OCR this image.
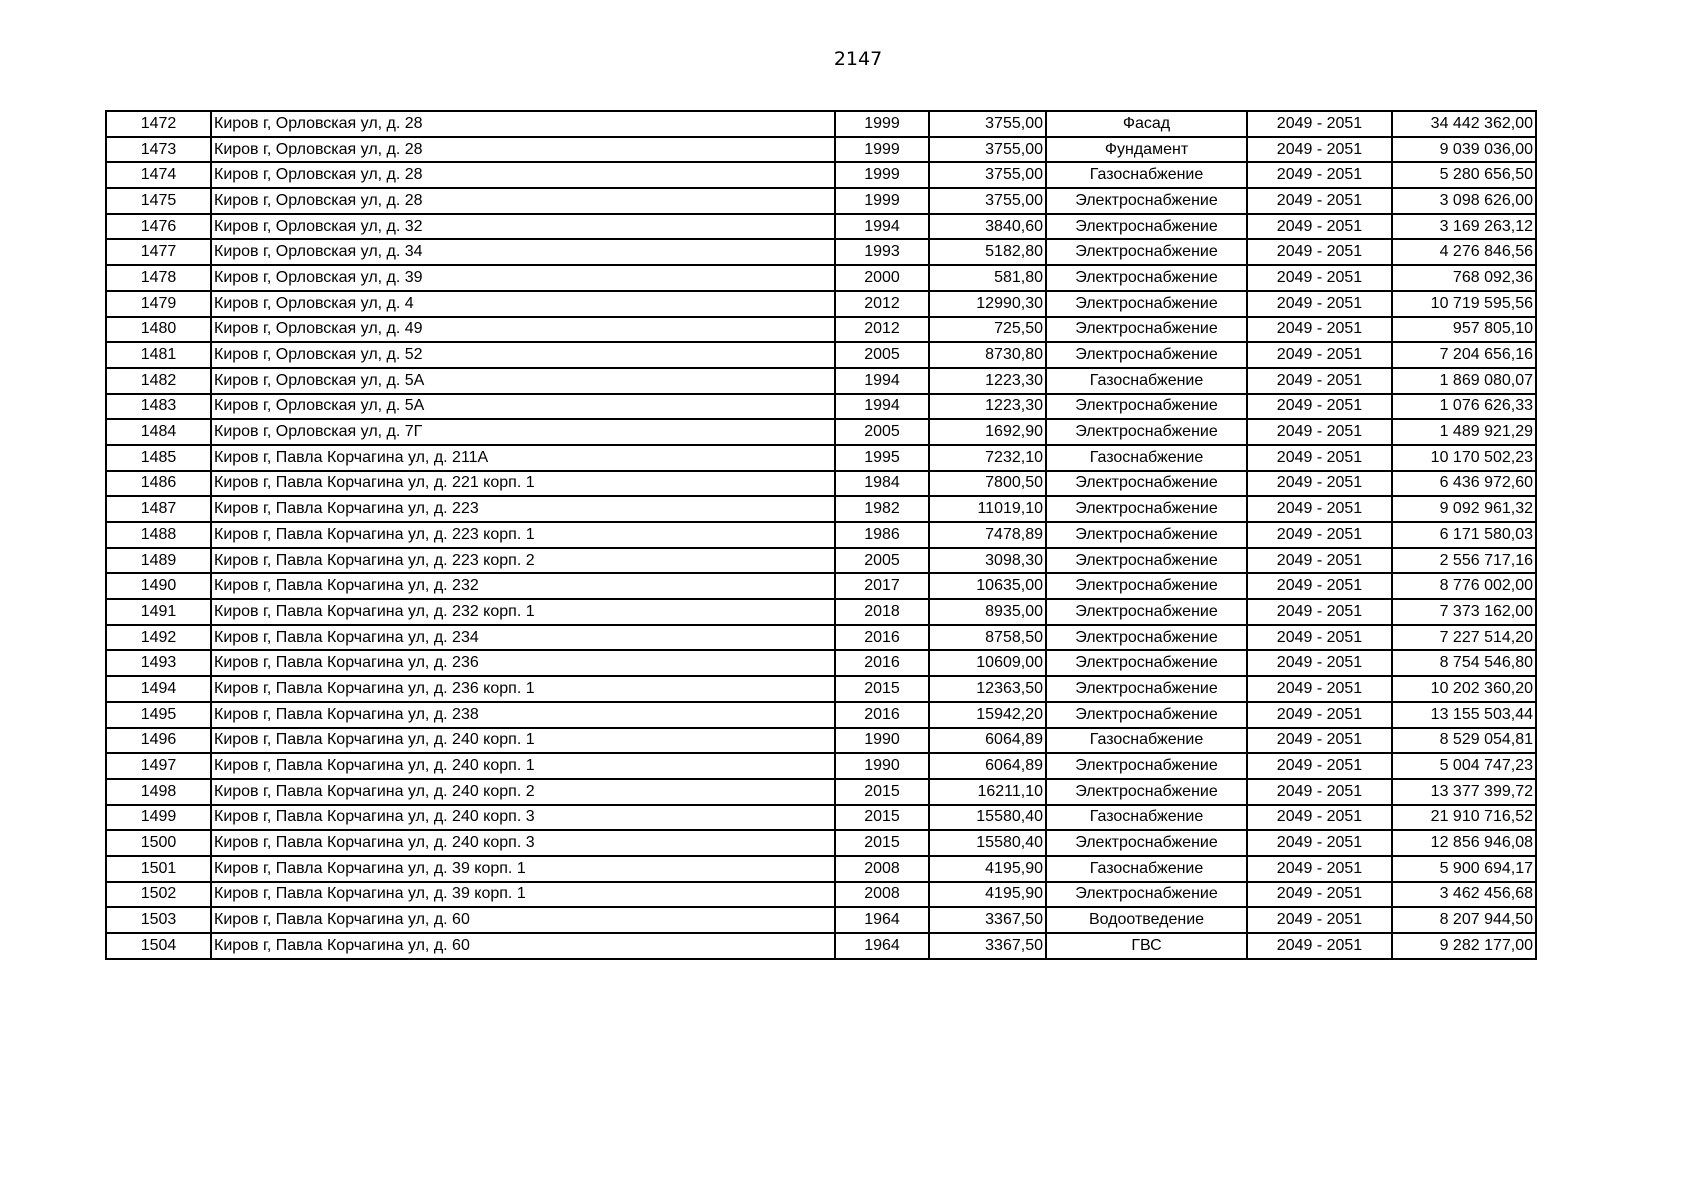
2147
1472	Киров г, Орловская ул, д. 28	1999	3755,00	Фасад	2049 - 2051	34 442 362,00
1473	Киров г, Орловская ул, д. 28	1999	3755,00	Фундамент	2049 - 2051	9 039 036,00
1474	Киров г, Орловская ул, д. 28	1999	3755,00	Газоснабжение	2049 - 2051	5 280 656,50
1475	Киров г, Орловская ул, д. 28	1999	3755,00	Электроснабжение	2049 - 2051	3 098 626,00
1476	Киров г, Орловская ул, д. 32	1994	3840,60	Электроснабжение	2049 - 2051	3 169 263,12
1477	Киров г, Орловская ул, д. 34	1993	5182,80	Электроснабжение	2049 - 2051	4 276 846,56
1478	Киров г, Орловская ул, д. 39	2000	581,80	Электроснабжение	2049 - 2051	768 092,36
1479	Киров г, Орловская ул, д. 4	2012	12990,30	Электроснабжение	2049 - 2051	10 719 595,56
1480	Киров г, Орловская ул, д. 49	2012	725,50	Электроснабжение	2049 - 2051	957 805,10
1481	Киров г, Орловская ул, д. 52	2005	8730,80	Электроснабжение	2049 - 2051	7 204 656,16
1482	Киров г, Орловская ул, д. 5А	1994	1223,30	Газоснабжение	2049 - 2051	1 869 080,07
1483	Киров г, Орловская ул, д. 5А	1994	1223,30	Электроснабжение	2049 - 2051	1 076 626,33
1484	Киров г, Орловская ул, д. 7Г	2005	1692,90	Электроснабжение	2049 - 2051	1 489 921,29
1485	Киров г, Павла Корчагина ул, д. 211А	1995	7232,10	Газоснабжение	2049 - 2051	10 170 502,23
1486	Киров г, Павла Корчагина ул, д. 221 корп. 1	1984	7800,50	Электроснабжение	2049 - 2051	6 436 972,60
1487	Киров г, Павла Корчагина ул, д. 223	1982	11019,10	Электроснабжение	2049 - 2051	9 092 961,32
1488	Киров г, Павла Корчагина ул, д. 223 корп. 1	1986	7478,89	Электроснабжение	2049 - 2051	6 171 580,03
1489	Киров г, Павла Корчагина ул, д. 223 корп. 2	2005	3098,30	Электроснабжение	2049 - 2051	2 556 717,16
1490	Киров г, Павла Корчагина ул, д. 232	2017	10635,00	Электроснабжение	2049 - 2051	8 776 002,00
1491	Киров г, Павла Корчагина ул, д. 232 корп. 1	2018	8935,00	Электроснабжение	2049 - 2051	7 373 162,00
1492	Киров г, Павла Корчагина ул, д. 234	2016	8758,50	Электроснабжение	2049 - 2051	7 227 514,20
1493	Киров г, Павла Корчагина ул, д. 236	2016	10609,00	Электроснабжение	2049 - 2051	8 754 546,80
1494	Киров г, Павла Корчагина ул, д. 236 корп. 1	2015	12363,50	Электроснабжение	2049 - 2051	10 202 360,20
1495	Киров г, Павла Корчагина ул, д. 238	2016	15942,20	Электроснабжение	2049 - 2051	13 155 503,44
1496	Киров г, Павла Корчагина ул, д. 240 корп. 1	1990	6064,89	Газоснабжение	2049 - 2051	8 529 054,81
1497	Киров г, Павла Корчагина ул, д. 240 корп. 1	1990	6064,89	Электроснабжение	2049 - 2051	5 004 747,23
1498	Киров г, Павла Корчагина ул, д. 240 корп. 2	2015	16211,10	Электроснабжение	2049 - 2051	13 377 399,72
1499	Киров г, Павла Корчагина ул, д. 240 корп. 3	2015	15580,40	Газоснабжение	2049 - 2051	21 910 716,52
1500	Киров г, Павла Корчагина ул, д. 240 корп. 3	2015	15580,40	Электроснабжение	2049 - 2051	12 856 946,08
1501	Киров г, Павла Корчагина ул, д. 39 корп. 1	2008	4195,90	Газоснабжение	2049 - 2051	5 900 694,17
1502	Киров г, Павла Корчагина ул, д. 39 корп. 1	2008	4195,90	Электроснабжение	2049 - 2051	3 462 456,68
1503	Киров г, Павла Корчагина ул, д. 60	1964	3367,50	Водоотведение	2049 - 2051	8 207 944,50
1504	Киров г, Павла Корчагина ул, д. 60	1964	3367,50	ГВС	2049 - 2051	9 282 177,00
